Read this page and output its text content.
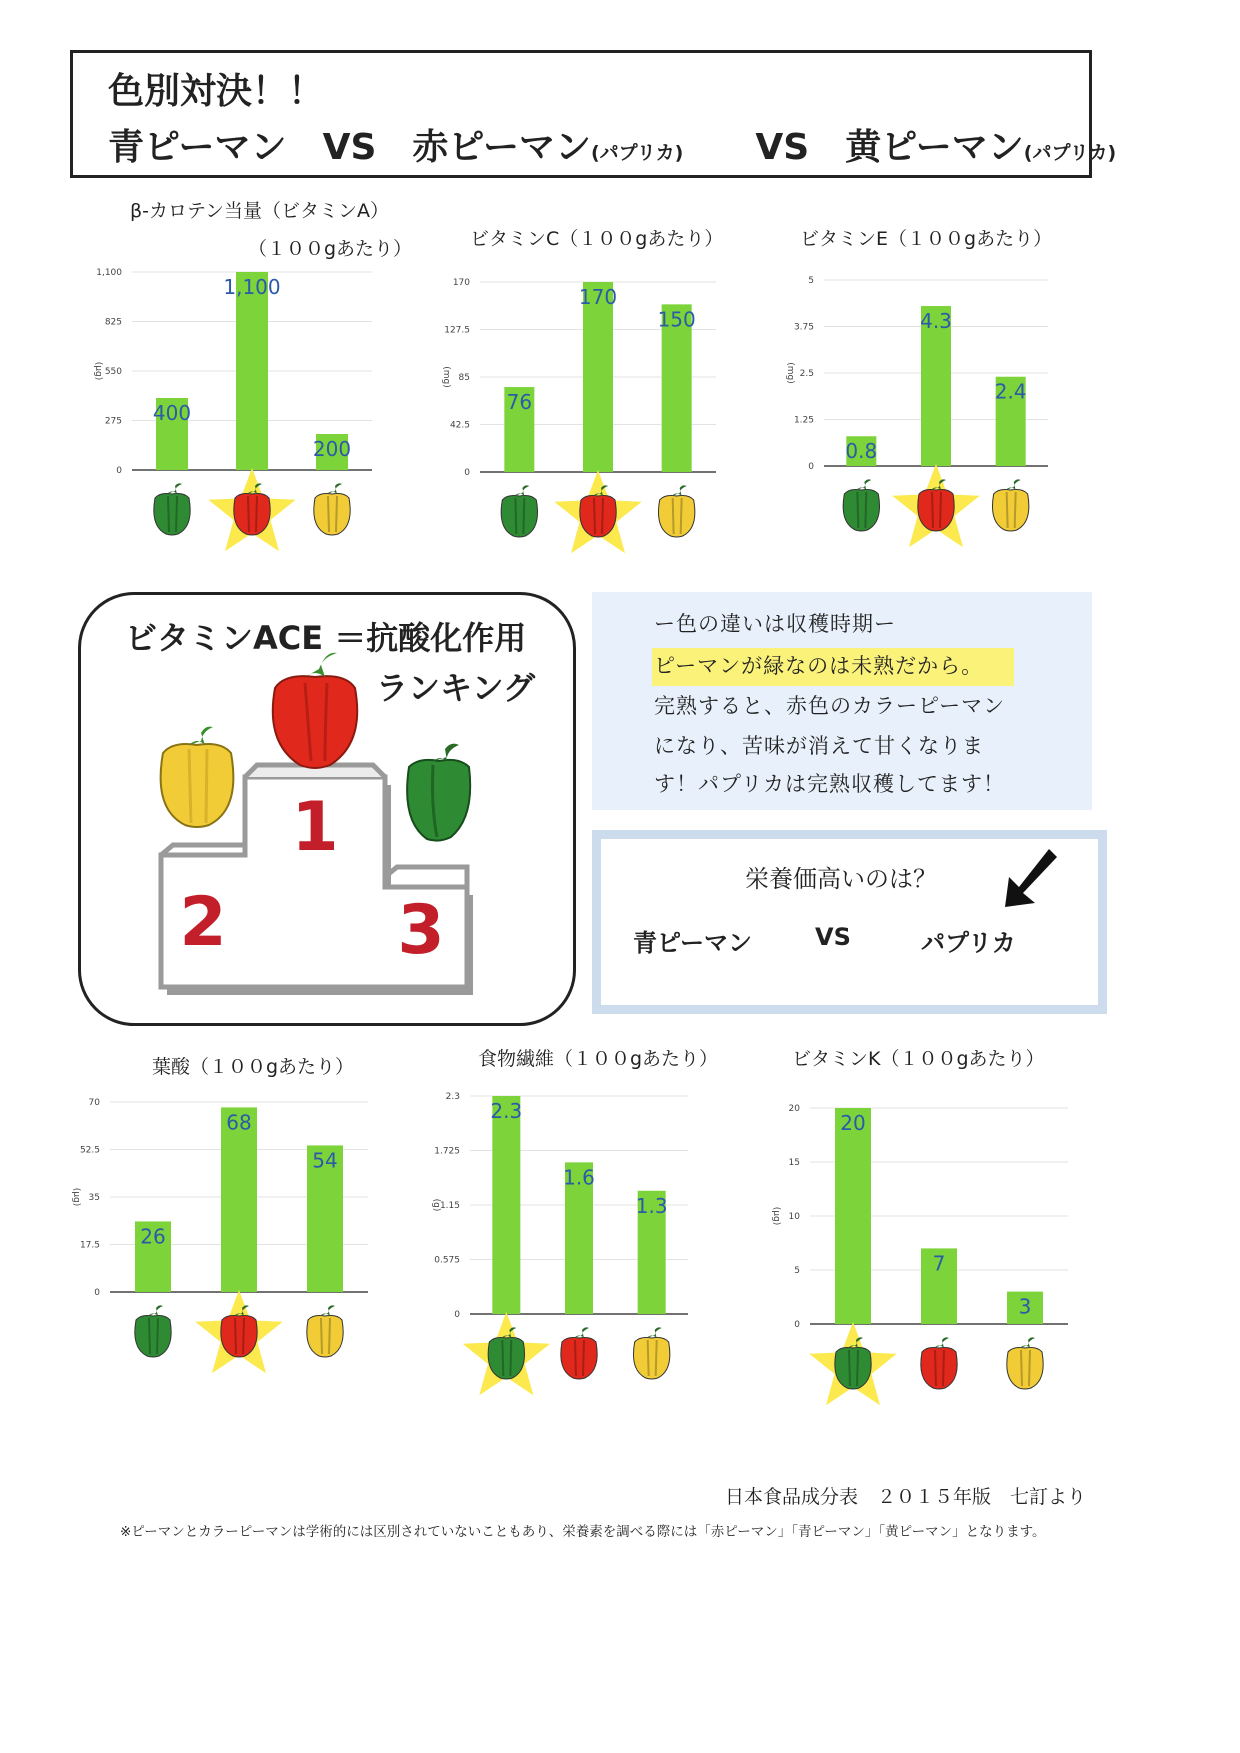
色別対決！！
青ピーマン　 VS　 赤ピーマン(パプリカ)　　 VS　 黄ピーマン(パプリカ)
β-カロテン当量（ビタミンA）
（１００gあたり）	ビタミンC（１００gあたり）	ビタミンE（１００gあたり）
葉酸（１００gあたり）	食物繊維（１００gあたり）	ビタミンK（１００gあたり）
0
275
550
825
1,100
(μg)
400
1,100
200
0
42.5
85
127.5
170
(mg)
76
170
150
0
1.25
2.5
3.75
5
(mg)
0.8
4.3
2.4
0
17.5
35
52.5
70
(μg)
26
68
54
0
0.575
1.15
1.725
2.3
(g)
2.3
1.6
1.3
0
5
10
15
20
(μg)
20
7
3
ビタミンACE ＝抗酸化作用
ランキング
1
2	3
ー色の違いは収穫時期ー
ピーマンが緑なのは未熟だから。
完熟すると、赤色のカラーピーマン
になり、苦味が消えて甘くなりま
す！パプリカは完熟収穫してます！
栄養価高いのは？
青ピーマン	VS	パプリカ
日本食品成分表　２０１５年版　七訂より
※ピーマンとカラーピーマンは学術的には区別されていないこともあり、栄養素を調べる際には「赤ピーマン」「青ピーマン」「黄ピーマン」となります。
